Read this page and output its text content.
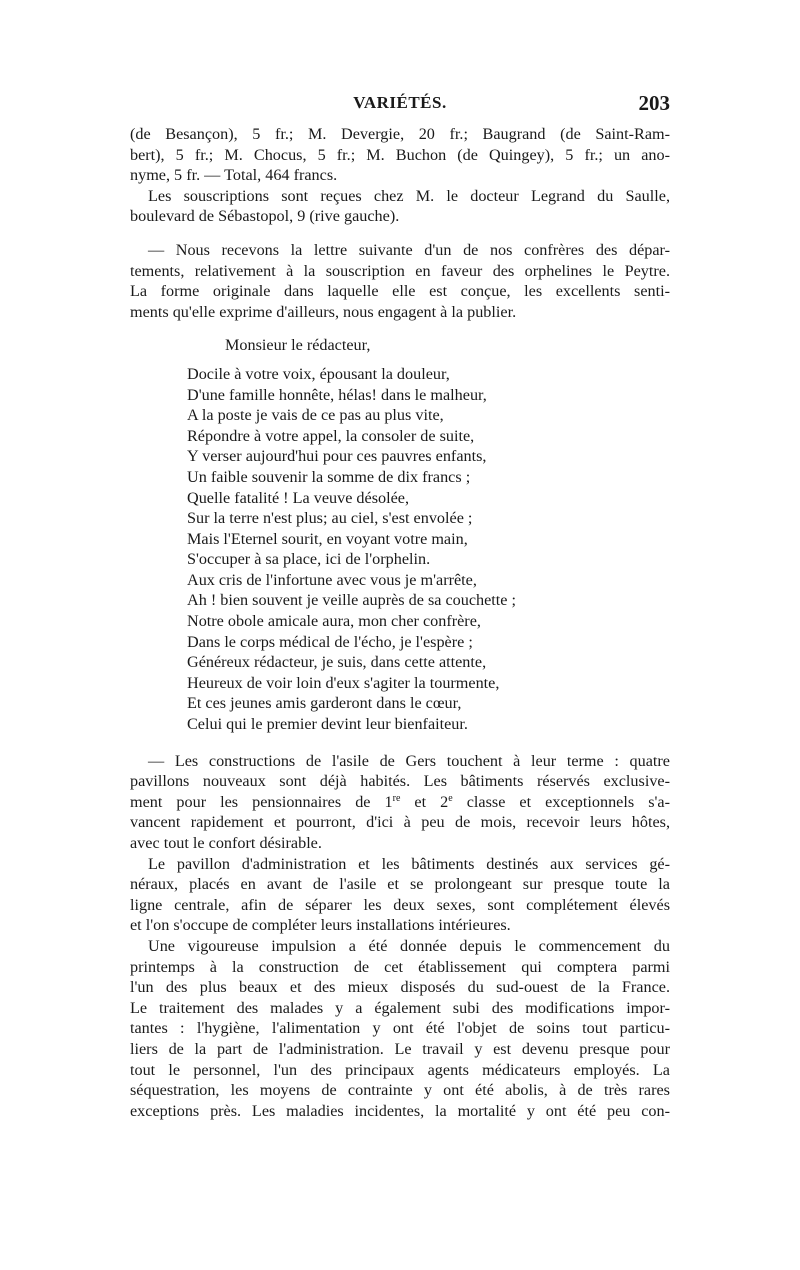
VARIÉTÉS.	203
(de Besançon), 5 fr.; M. Devergie, 20 fr.; Baugrand (de Saint-Ram-
bert), 5 fr.; M. Chocus, 5 fr.; M. Buchon (de Quingey), 5 fr.; un ano-
nyme, 5 fr. — Total, 464 francs.
Les souscriptions sont reçues chez M. le docteur Legrand du Saulle,
boulevard de Sébastopol, 9 (rive gauche).
— Nous recevons la lettre suivante d'un de nos confrères des dépar-
tements, relativement à la souscription en faveur des orphelines le Peytre.
La forme originale dans laquelle elle est conçue, les excellents senti-
ments qu'elle exprime d'ailleurs, nous engagent à la publier.
Monsieur le rédacteur,
Docile à votre voix, épousant la douleur,
D'une famille honnête, hélas! dans le malheur,
A la poste je vais de ce pas au plus vite,
Répondre à votre appel, la consoler de suite,
Y verser aujourd'hui pour ces pauvres enfants,
Un faible souvenir la somme de dix francs ;
Quelle fatalité ! La veuve désolée,
Sur la terre n'est plus; au ciel, s'est envolée ;
Mais l'Eternel sourit, en voyant votre main,
S'occuper à sa place, ici de l'orphelin.
Aux cris de l'infortune avec vous je m'arrête,
Ah ! bien souvent je veille auprès de sa couchette ;
Notre obole amicale aura, mon cher confrère,
Dans le corps médical de l'écho, je l'espère ;
Généreux rédacteur, je suis, dans cette attente,
Heureux de voir loin d'eux s'agiter la tourmente,
Et ces jeunes amis garderont dans le cœur,
Celui qui le premier devint leur bienfaiteur.
— Les constructions de l'asile de Gers touchent à leur terme : quatre
pavillons nouveaux sont déjà habités. Les bâtiments réservés exclusive-
ment pour les pensionnaires de 1re et 2e classe et exceptionnels s'a-
vancent rapidement et pourront, d'ici à peu de mois, recevoir leurs hôtes,
avec tout le confort désirable.
Le pavillon d'administration et les bâtiments destinés aux services gé-
néraux, placés en avant de l'asile et se prolongeant sur presque toute la
ligne centrale, afin de séparer les deux sexes, sont complétement élevés
et l'on s'occupe de compléter leurs installations intérieures.
Une vigoureuse impulsion a été donnée depuis le commencement du
printemps à la construction de cet établissement qui comptera parmi
l'un des plus beaux et des mieux disposés du sud-ouest de la France.
Le traitement des malades y a également subi des modifications impor-
tantes : l'hygiène, l'alimentation y ont été l'objet de soins tout particu-
liers de la part de l'administration. Le travail y est devenu presque pour
tout le personnel, l'un des principaux agents médicateurs employés. La
séquestration, les moyens de contrainte y ont été abolis, à de très rares
exceptions près. Les maladies incidentes, la mortalité y ont été peu con-
